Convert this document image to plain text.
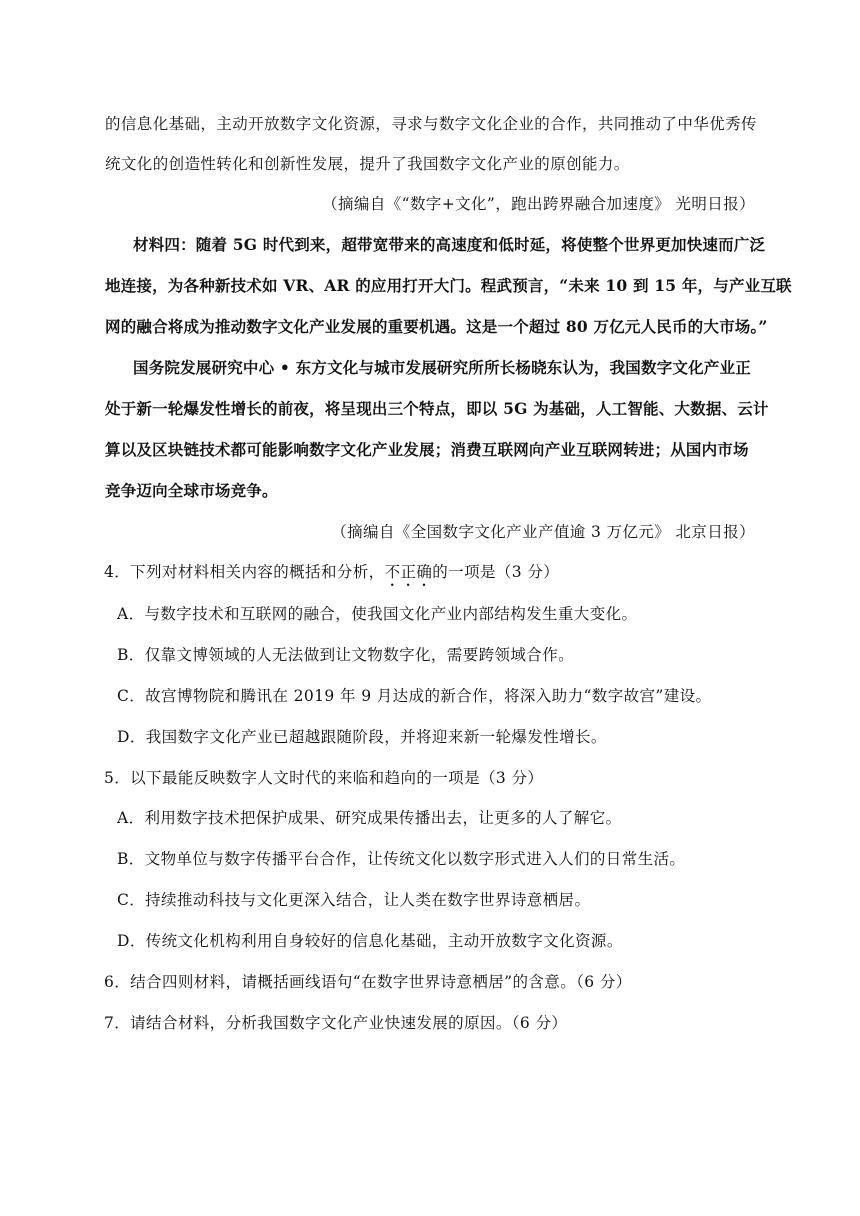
的信息化基础，主动开放数字文化资源，寻求与数字文化企业的合作，共同推动了中华优秀传
统文化的创造性转化和创新性发展，提升了我国数字文化产业的原创能力。
（摘编自《“数字+文化”，跑出跨界融合加速度》 光明日报）
材料四：随着 5G 时代到来，超带宽带来的高速度和低时延，将使整个世界更加快速而广泛
地连接，为各种新技术如 VR、AR 的应用打开大门。程武预言，“未来 10 到 15 年，与产业互联
网的融合将成为推动数字文化产业发展的重要机遇。这是一个超过 80 万亿元人民币的大市场。”
国务院发展研究中心 • 东方文化与城市发展研究所所长杨晓东认为，我国数字文化产业正
处于新一轮爆发性增长的前夜，将呈现出三个特点，即以 5G 为基础，人工智能、大数据、云计
算以及区块链技术都可能影响数字文化产业发展；消费互联网向产业互联网转进；从国内市场
竞争迈向全球市场竞争。
（摘编自《全国数字文化产业产值逾 3 万亿元》 北京日报）
4．下列对材料相关内容的概括和分析，不正确的一项是（3 分）
A．与数字技术和互联网的融合，使我国文化产业内部结构发生重大变化。
B．仅靠文博领域的人无法做到让文物数字化，需要跨领域合作。
C．故宫博物院和腾讯在 2019 年 9 月达成的新合作，将深入助力“数字故宫”建设。
D．我国数字文化产业已超越跟随阶段，并将迎来新一轮爆发性增长。
5．以下最能反映数字人文时代的来临和趋向的一项是（3 分）
A．利用数字技术把保护成果、研究成果传播出去，让更多的人了解它。
B．文物单位与数字传播平台合作，让传统文化以数字形式进入人们的日常生活。
C．持续推动科技与文化更深入结合，让人类在数字世界诗意栖居。
D．传统文化机构利用自身较好的信息化基础，主动开放数字文化资源。
6．结合四则材料，请概括画线语句“在数字世界诗意栖居”的含意。（6 分）
7．请结合材料，分析我国数字文化产业快速发展的原因。（6 分）
